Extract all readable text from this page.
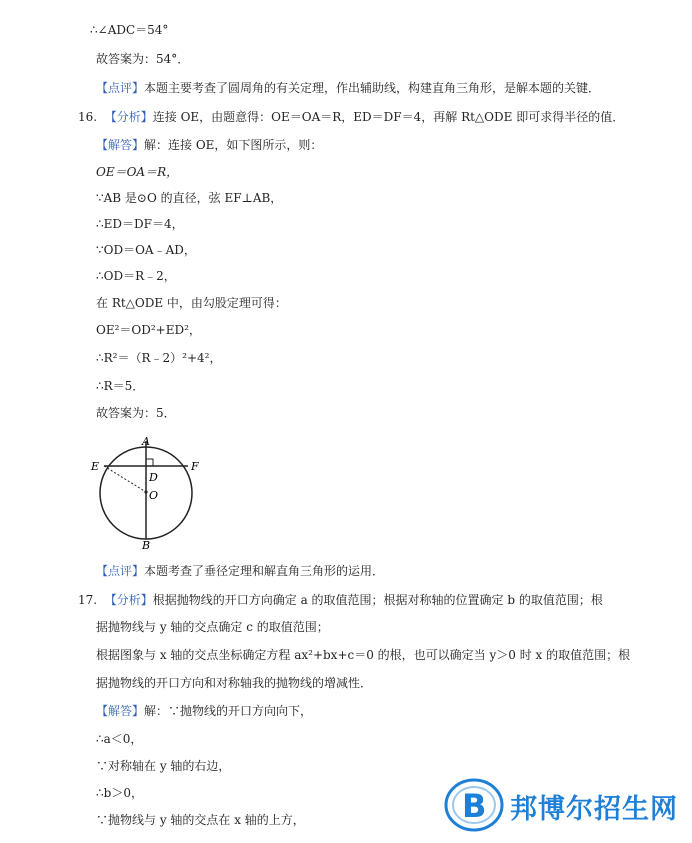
∴∠ADC＝54°
故答案为：54°．
【点评】本题主要考查了圆周角的有关定理，作出辅助线，构建直角三角形，是解本题的关键．
16. 【分析】连接 OE，由题意得：OE＝OA＝R，ED＝DF＝4，再解 Rt△ODE 即可求得半径的值．
【解答】解：连接 OE，如下图所示，则：
OE＝OA＝R，
∵AB 是⊙O 的直径，弦 EF⊥AB，
∴ED＝DF＝4，
∵OD＝OA﹣AD，
∴OD＝R﹣2，
在 Rt△ODE 中，由勾股定理可得：
OE²＝OD²+ED²，
∴R²＝（R﹣2）²+4²，
∴R＝5．
故答案为：5．
A
B
E	F
D
O
【点评】本题考查了垂径定理和解直角三角形的运用．
17. 【分析】根据抛物线的开口方向确定 a 的取值范围；根据对称轴的位置确定 b 的取值范围；根
据抛物线与 y 轴的交点确定 c 的取值范围；
根据图象与 x 轴的交点坐标确定方程 ax²+bx+c＝0 的根，也可以确定当 y＞0 时 x 的取值范围；根
据抛物线的开口方向和对称轴我的抛物线的增减性．
【解答】解：∵抛物线的开口方向向下，
∴a＜0，
∵对称轴在 y 轴的右边，
∴b＞0，
∵抛物线与 y 轴的交点在 x 轴的上方，	B 邦博尔招生网
